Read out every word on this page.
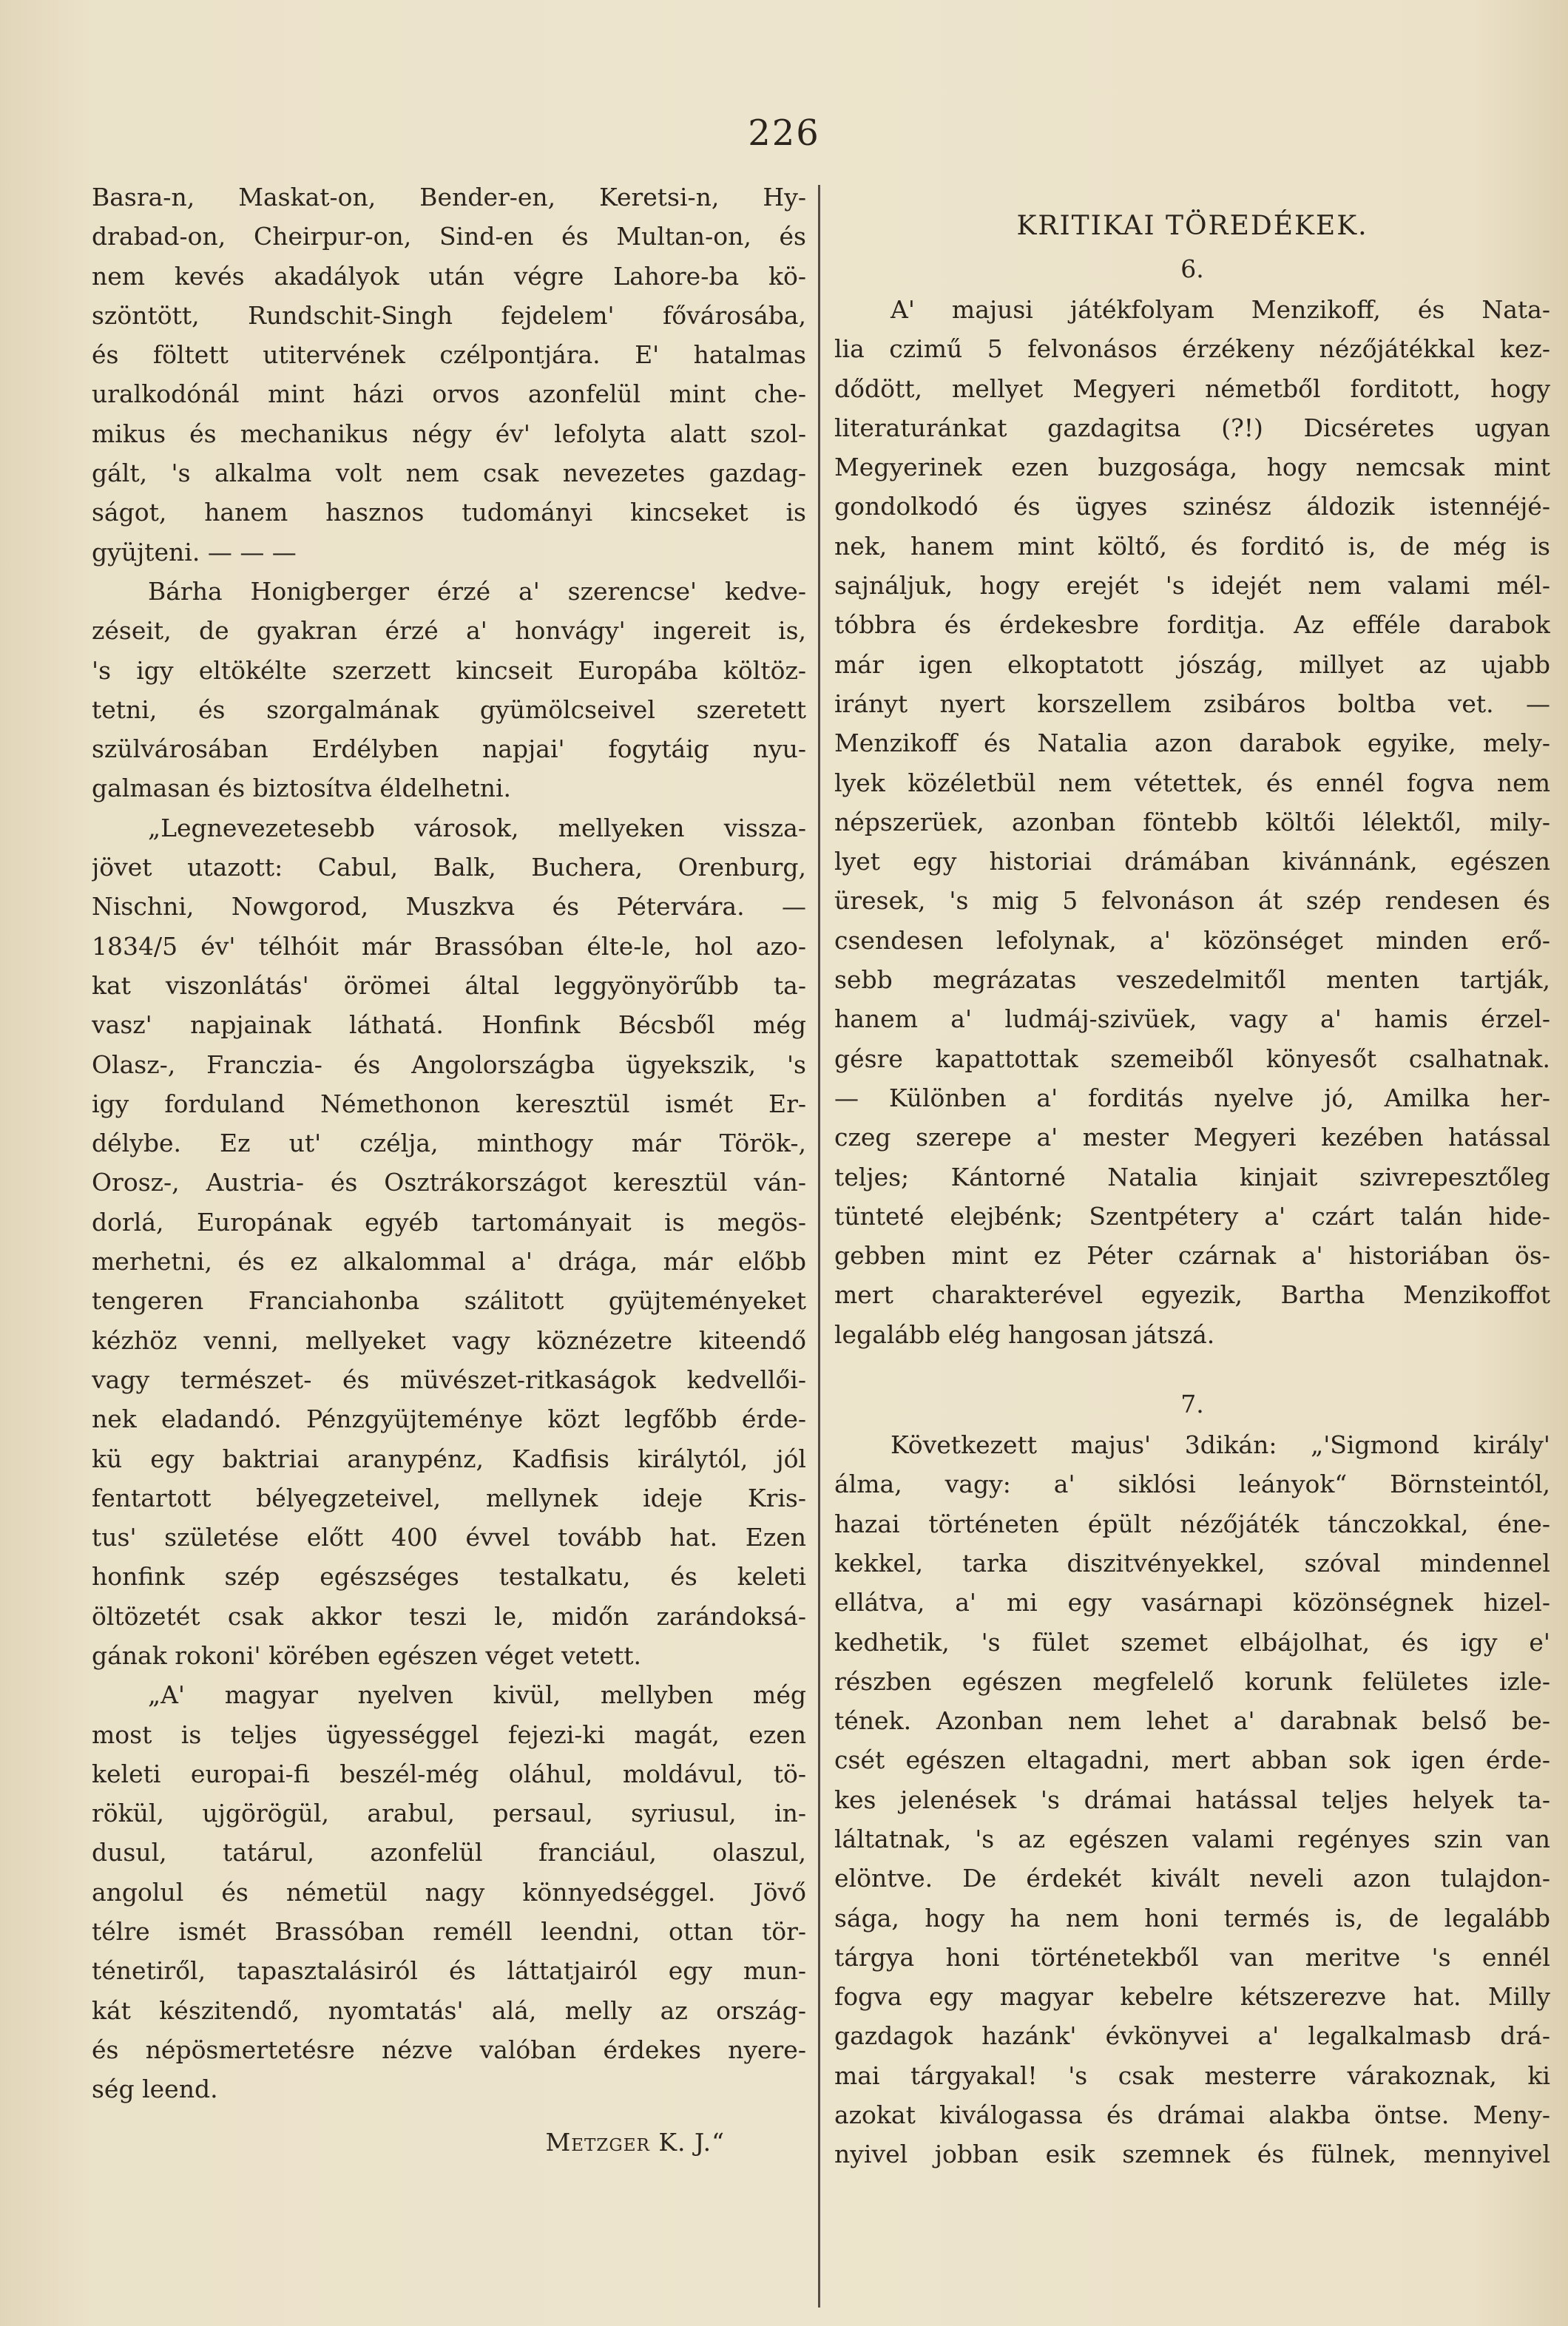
226
Basra-n, Maskat-on, Bender-en, Keretsi-n, Hy-
drabad-on, Cheirpur-on, Sind-en és Multan-on, és
nem kevés akadályok után végre Lahore-ba kö-
szöntött, Rundschit-Singh fejdelem' fővárosába,
és föltett utitervének czélpontjára. E' hatalmas
uralkodónál mint házi orvos azonfelül mint che-
mikus és mechanikus négy év' lefolyta alatt szol-
gált, 's alkalma volt nem csak nevezetes gazdag-
ságot, hanem hasznos tudományi kincseket is
gyüjteni. — — —
Bárha Honigberger érzé a' szerencse' kedve-
zéseit, de gyakran érzé a' honvágy' ingereit is,
's igy eltökélte szerzett kincseit Europába költöz-
tetni, és szorgalmának gyümölcseivel szeretett
szülvárosában Erdélyben napjai' fogytáig nyu-
galmasan és biztosítva éldelhetni.
„Legnevezetesebb városok, mellyeken vissza-
jövet utazott: Cabul, Balk, Buchera, Orenburg,
Nischni, Nowgorod, Muszkva és Pétervára. —
1834/5 év' télhóit már Brassóban élte-le, hol azo-
kat viszonlátás' örömei által leggyönyörűbb ta-
vasz' napjainak láthatá. Honfink Bécsből még
Olasz-, Franczia- és Angolországba ügyekszik, 's
igy forduland Némethonon keresztül ismét Er-
délybe. Ez ut' czélja, minthogy már Török-,
Orosz-, Austria- és Osztrákországot keresztül ván-
dorlá, Europának egyéb tartományait is megös-
merhetni, és ez alkalommal a' drága, már előbb
tengeren Franciahonba szálitott gyüjteményeket
kézhöz venni, mellyeket vagy köznézetre kiteendő
vagy természet- és müvészet-ritkaságok kedvellői-
nek eladandó. Pénzgyüjteménye közt legfőbb érde-
kü egy baktriai aranypénz, Kadfisis királytól, jól
fentartott bélyegzeteivel, mellynek ideje Kris-
tus' születése előtt 400 évvel tovább hat. Ezen
honfink szép egészséges testalkatu, és keleti
öltözetét csak akkor teszi le, midőn zarándoksá-
gának rokoni' körében egészen véget vetett.
„A' magyar nyelven kivül, mellyben még
most is teljes ügyességgel fejezi-ki magát, ezen
keleti europai-fi beszél-még oláhul, moldávul, tö-
rökül, ujgörögül, arabul, persaul, syriusul, in-
dusul, tatárul, azonfelül franciául, olaszul,
angolul és németül nagy könnyedséggel. Jövő
télre ismét Brassóban reméll leendni, ottan tör-
ténetiről, tapasztalásiról és láttatjairól egy mun-
kát készitendő, nyomtatás' alá, melly az ország-
és népösmertetésre nézve valóban érdekes nyere-
ség leend.
Metzger K. J.“
KRITIKAI TÖREDÉKEK.
6.
A' majusi játékfolyam Menzikoff, és Nata-
lia czimű 5 felvonásos érzékeny nézőjátékkal kez-
dődött, mellyet Megyeri németből forditott, hogy
literaturánkat gazdagitsa (?!) Dicséretes ugyan
Megyerinek ezen buzgosága, hogy nemcsak mint
gondolkodó és ügyes szinész áldozik istennéjé-
nek, hanem mint költő, és forditó is, de még is
sajnáljuk, hogy erejét 's idejét nem valami mél-
tóbbra és érdekesbre forditja. Az efféle darabok
már igen elkoptatott jószág, millyet az ujabb
irányt nyert korszellem zsibáros boltba vet. —
Menzikoff és Natalia azon darabok egyike, mely-
lyek közéletbül nem vétettek, és ennél fogva nem
népszerüek, azonban föntebb költői lélektől, mily-
lyet egy historiai drámában kivánnánk, egészen
üresek, 's mig 5 felvonáson át szép rendesen és
csendesen lefolynak, a' közönséget minden erő-
sebb megrázatas veszedelmitől menten tartják,
hanem a' ludmáj-szivüek, vagy a' hamis érzel-
gésre kapattottak szemeiből könyesőt csalhatnak.
— Különben a' forditás nyelve jó, Amilka her-
czeg szerepe a' mester Megyeri kezében hatással
teljes; Kántorné Natalia kinjait szivrepesztőleg
tünteté elejbénk; Szentpétery a' czárt talán hide-
gebben mint ez Péter czárnak a' historiában ös-
mert charakterével egyezik, Bartha Menzikoffot
legalább elég hangosan játszá.
7.
Következett majus' 3dikán: „'Sigmond király'
álma, vagy: a' siklósi leányok“ Börnsteintól,
hazai történeten épült nézőjáték tánczokkal, éne-
kekkel, tarka diszitvényekkel, szóval mindennel
ellátva, a' mi egy vasárnapi közönségnek hizel-
kedhetik, 's fület szemet elbájolhat, és igy e'
részben egészen megfelelő korunk felületes izle-
tének. Azonban nem lehet a' darabnak belső be-
csét egészen eltagadni, mert abban sok igen érde-
kes jelenések 's drámai hatással teljes helyek ta-
láltatnak, 's az egészen valami regényes szin van
elöntve. De érdekét kivált neveli azon tulajdon-
sága, hogy ha nem honi termés is, de legalább
tárgya honi történetekből van meritve 's ennél
fogva egy magyar kebelre kétszerezve hat. Milly
gazdagok hazánk' évkönyvei a' legalkalmasb drá-
mai tárgyakal! 's csak mesterre várakoznak, ki
azokat kiválogassa és drámai alakba öntse. Meny-
nyivel jobban esik szemnek és fülnek, mennyivel
